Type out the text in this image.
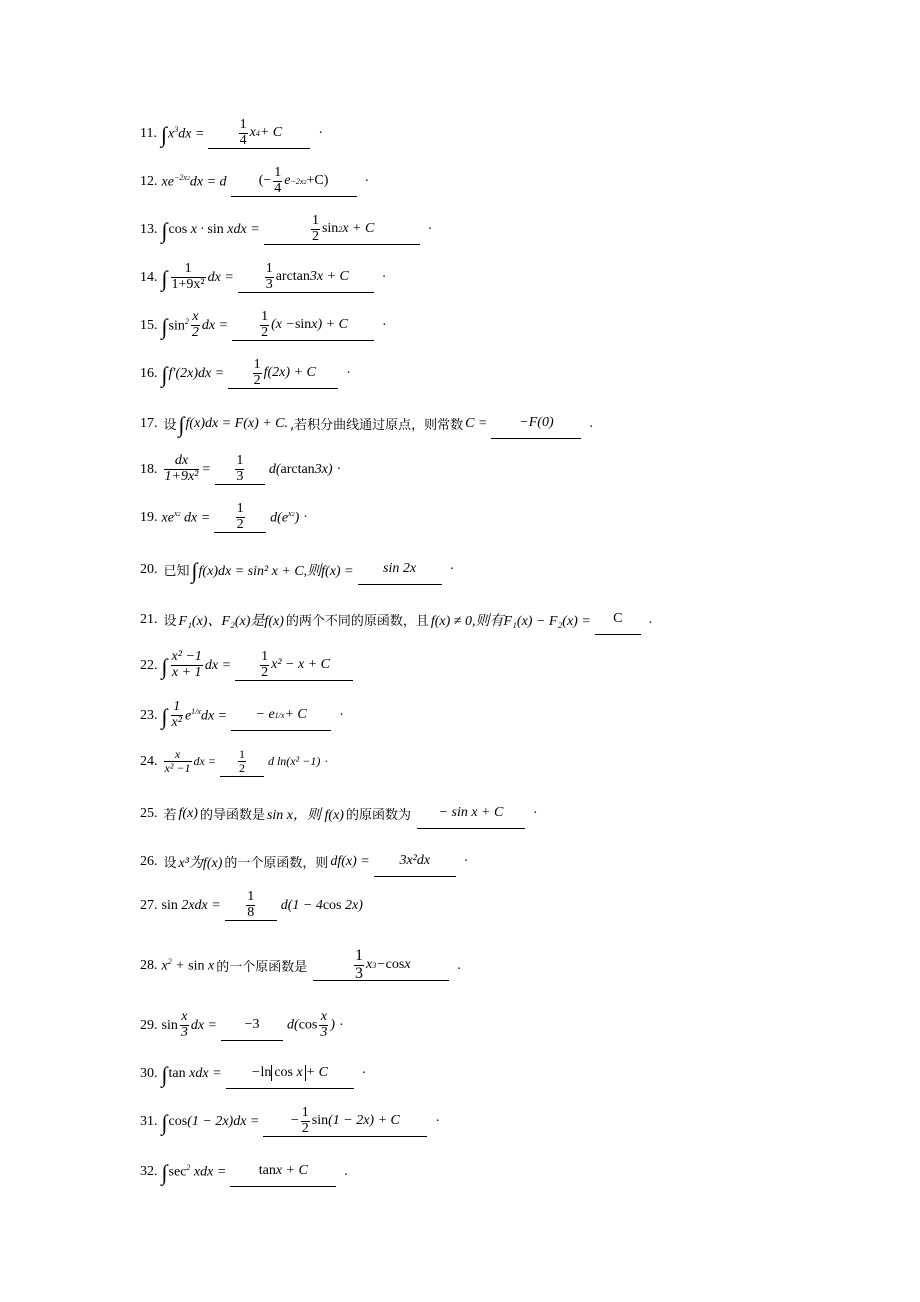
11. ∫ $x^3dx = \frac{1}{4}$ x 4 + C	·
12. $xe^{-2x2}dx = d$ (− $\frac{1}{4}$ e −2x2 +C)	·
13. ∫ cos x · sin xdx =	$\frac{1}{2}$ sin 2 x + C	·
14. ∫ $\frac{1}{\text{1+9x²}}$ dx = $\frac{1}{3}$ arctan 3x + C ·
15. ∫ $\sin^2 \frac{x}{2}$ dx = $\frac{1}{2} (x - \sin x) + C$ ·
16. ∫ $f'(2x)dx = \frac{1}{2} f(2x) + C$ ·
17. 设 ∫ f(x)dx = F(x) + C. ,若积分曲线通过原点，则常数 C = −F(0)	.
18. $\frac{dx}{\text{1+9x²}} = \frac{1}{3} d(\arctan 3x)$ ·
19. $xe^{x2}$ dx = $\frac{1}{2} d(e^{x2})$ ·
20. 已知 ∫ f(x)dx = sin² x + C,则f(x) = sin 2x ·
21. 设 F₁(x)、F₂(x)是f(x) 的两个不同的原函数，且 f(x) ≠ 0,则有F₁(x) − F₂(x) = C .
22. ∫ $\frac{\text{x² −1}}{x + 1}$ dx = $\frac{1}{2} x^2 - x + C$
23. ∫ $\frac{1}{\text{x²}} e^{1/x}dx$ = − e 1/x + C ·
24. $\frac{x}{\text{x² −1}}$ dx = $\frac{1}{2}$ d ln(x² −1) ·
25. 若 f(x) 的导函数是 sin x，则 f(x) 的原函数为 − sin x + C ·
26. 设 x³为f(x) 的一个原函数，则 df(x) = 3x²dx ·
27. $\sin 2xdx = \frac{1}{8} d(1 - 4\cos$ 2x)
28. $x^2 + \sin x$ 的一个原函数是	$\frac{1}{3}$ x 3 − cos x	.
29. $\sin \frac{x}{3}$ dx = −3 $d(\cos \frac{x}{3}$ ) ·
30. ∫ tan xdx = − ln cos x + C ·
31. ∫ cos(1 − 2x)dx = − $\frac{1}{2}$ sin (1 − 2x) + C	·
32. ∫ $\sec^2$ xdx = tan x + C	.
